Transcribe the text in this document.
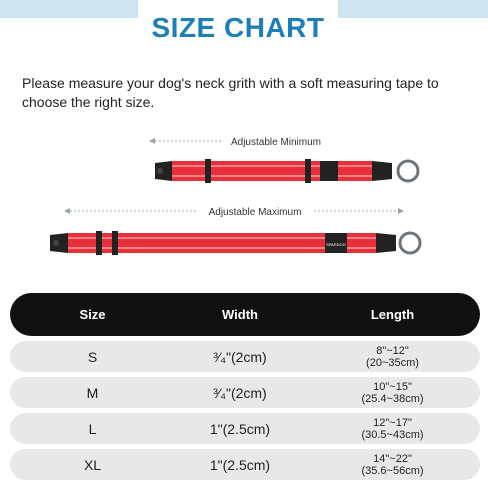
SIZE CHART
Please measure your dog's neck grith with a soft measuring tape to choose the right size.
Adjustable Minimum
Adjustable Maximum
SPARDOG
Size	Width	Length
S	³⁄₄"(2cm)	8"~12"
(20~35cm)
M	³⁄₄"(2cm)	10"~15"
(25.4~38cm)
L	1"(2.5cm)	12"~17"
(30.5~43cm)
XL	1"(2.5cm)	14"~22"
(35.6~56cm)
